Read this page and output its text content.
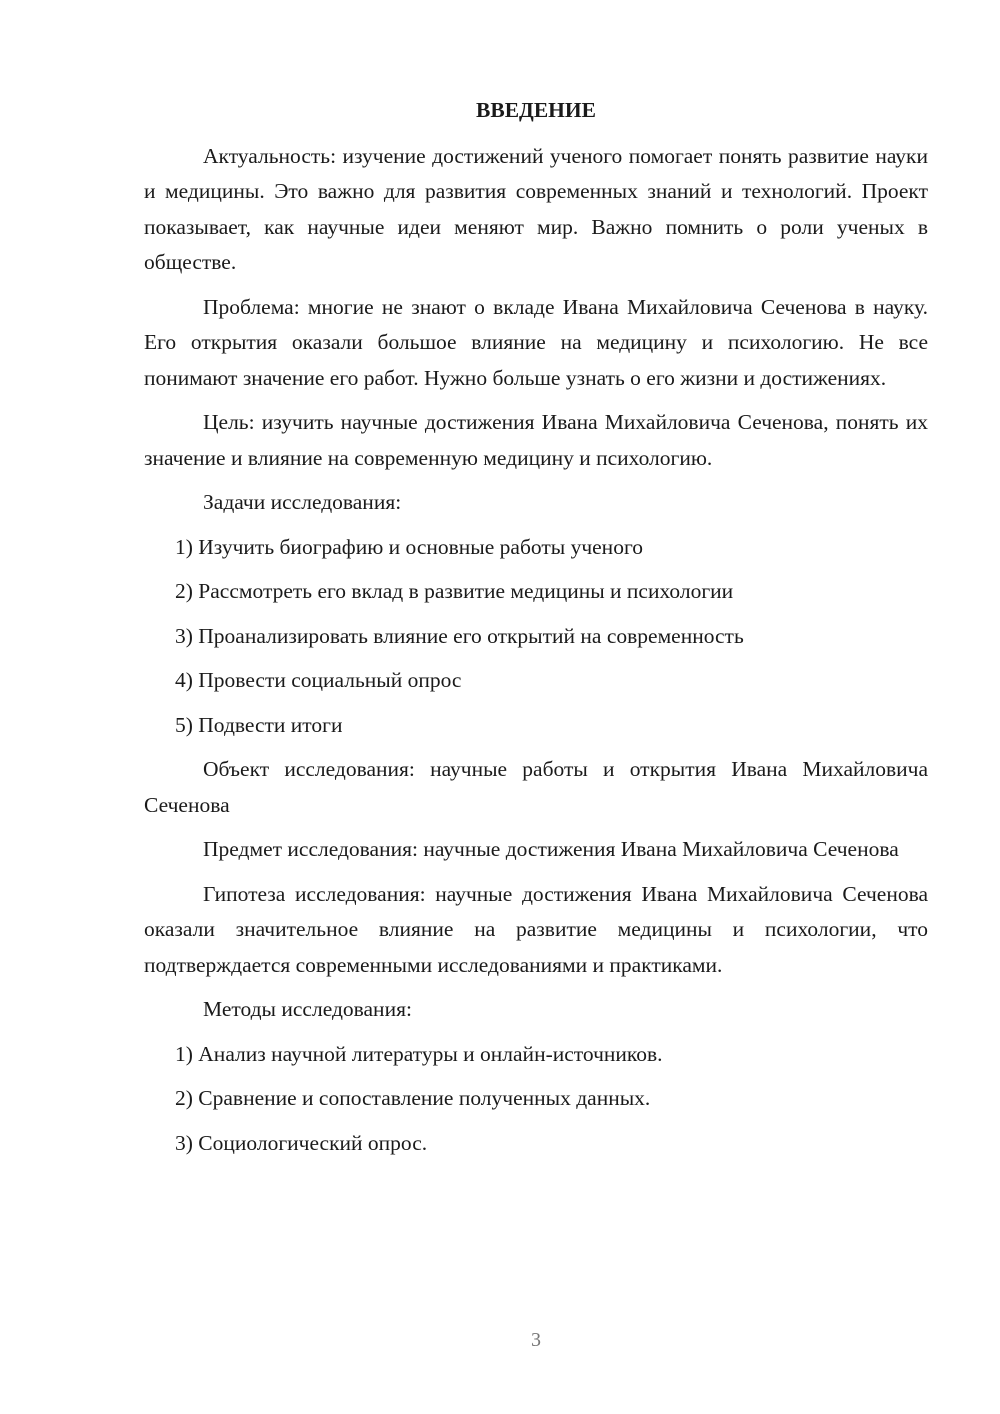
ВВЕДЕНИЕ

Актуальность: изучение достижений ученого помогает понять развитие науки и медицины. Это важно для развития современных знаний и технологий. Проект показывает, как научные идеи меняют мир. Важно помнить о роли ученых в обществе.

Проблема: многие не знают о вкладе Ивана Михайловича Сеченова в науку. Его открытия оказали большое влияние на медицину и психологию. Не все понимают значение его работ. Нужно больше узнать о его жизни и достижениях.

Цель: изучить научные достижения Ивана Михайловича Сеченова, понять их значение и влияние на современную медицину и психологию.

Задачи исследования:
1) Изучить биографию и основные работы ученого
2) Рассмотреть его вклад в развитие медицины и психологии
3) Проанализировать влияние его открытий на современность
4) Провести социальный опрос
5) Подвести итоги

Объект исследования: научные работы и открытия Ивана Михайловича Сеченова

Предмет исследования: научные достижения Ивана Михайловича Сеченова

Гипотеза исследования: научные достижения Ивана Михайловича Сеченова оказали значительное влияние на развитие медицины и психологии, что подтверждается современными исследованиями и практиками.

Методы исследования:
1) Анализ научной литературы и онлайн-источников.
2) Сравнение и сопоставление полученных данных.
3) Социологический опрос.
3
